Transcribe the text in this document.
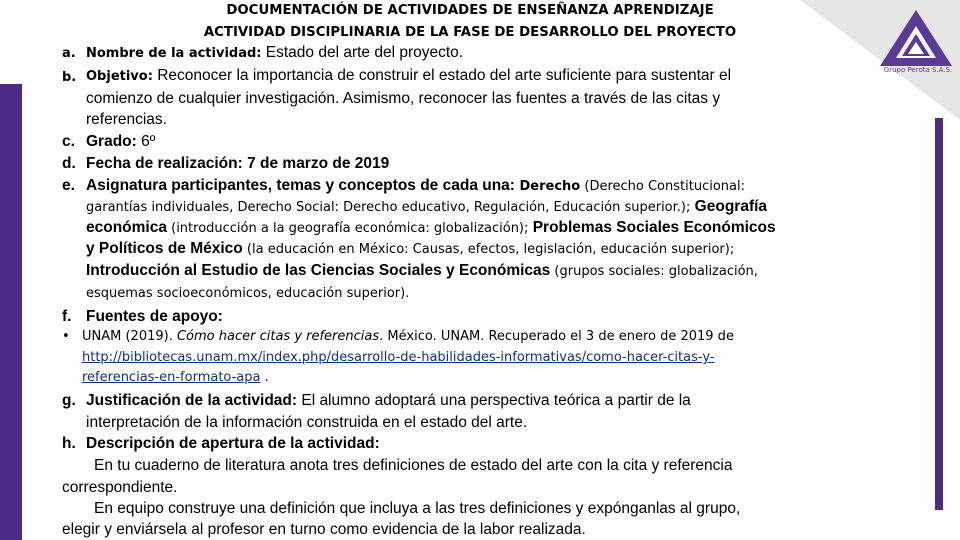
Grupo Perota S.A.S.
DOCUMENTACIÓN DE ACTIVIDADES DE ENSEÑANZA APRENDIZAJE
ACTIVIDAD DISCIPLINARIA DE LA FASE DE DESARROLLO DEL PROYECTO
a. Nombre de la actividad: Estado del arte del proyecto.
b. Objetivo: Reconocer la importancia de construir el estado del arte suficiente para sustentar el
comienzo de cualquier investigación. Asimismo, reconocer las fuentes a través de las citas y
referencias.
c. Grado: 6º
d. Fecha de realización: 7 de marzo de 2019
e. Asignatura participantes, temas y conceptos de cada una: Derecho (Derecho Constitucional:
garantías individuales, Derecho Social: Derecho educativo, Regulación, Educación superior.); Geografía
económica (introducción a la geografía económica: globalización); Problemas Sociales Económicos
y Políticos de México (la educación en México: Causas, efectos, legislación, educación superior);
Introducción al Estudio de las Ciencias Sociales y Económicas (grupos sociales: globalización,
esquemas socioeconómicos, educación superior).
f. Fuentes de apoyo:
• UNAM (2019). Cómo hacer citas y referencias. México. UNAM. Recuperado el 3 de enero de 2019 de
http://bibliotecas.unam.mx/index.php/desarrollo-de-habilidades-informativas/como-hacer-citas-y-
referencias-en-formato-apa .
g. Justificación de la actividad: El alumno adoptará una perspectiva teórica a partir de la
interpretación de la información construida en el estado del arte.
h. Descripción de apertura de la actividad:
En tu cuaderno de literatura anota tres definiciones de estado del arte con la cita y referencia
correspondiente.
En equipo construye una definición que incluya a las tres definiciones y expónganlas al grupo,
elegir y enviársela al profesor en turno como evidencia de la labor realizada.
